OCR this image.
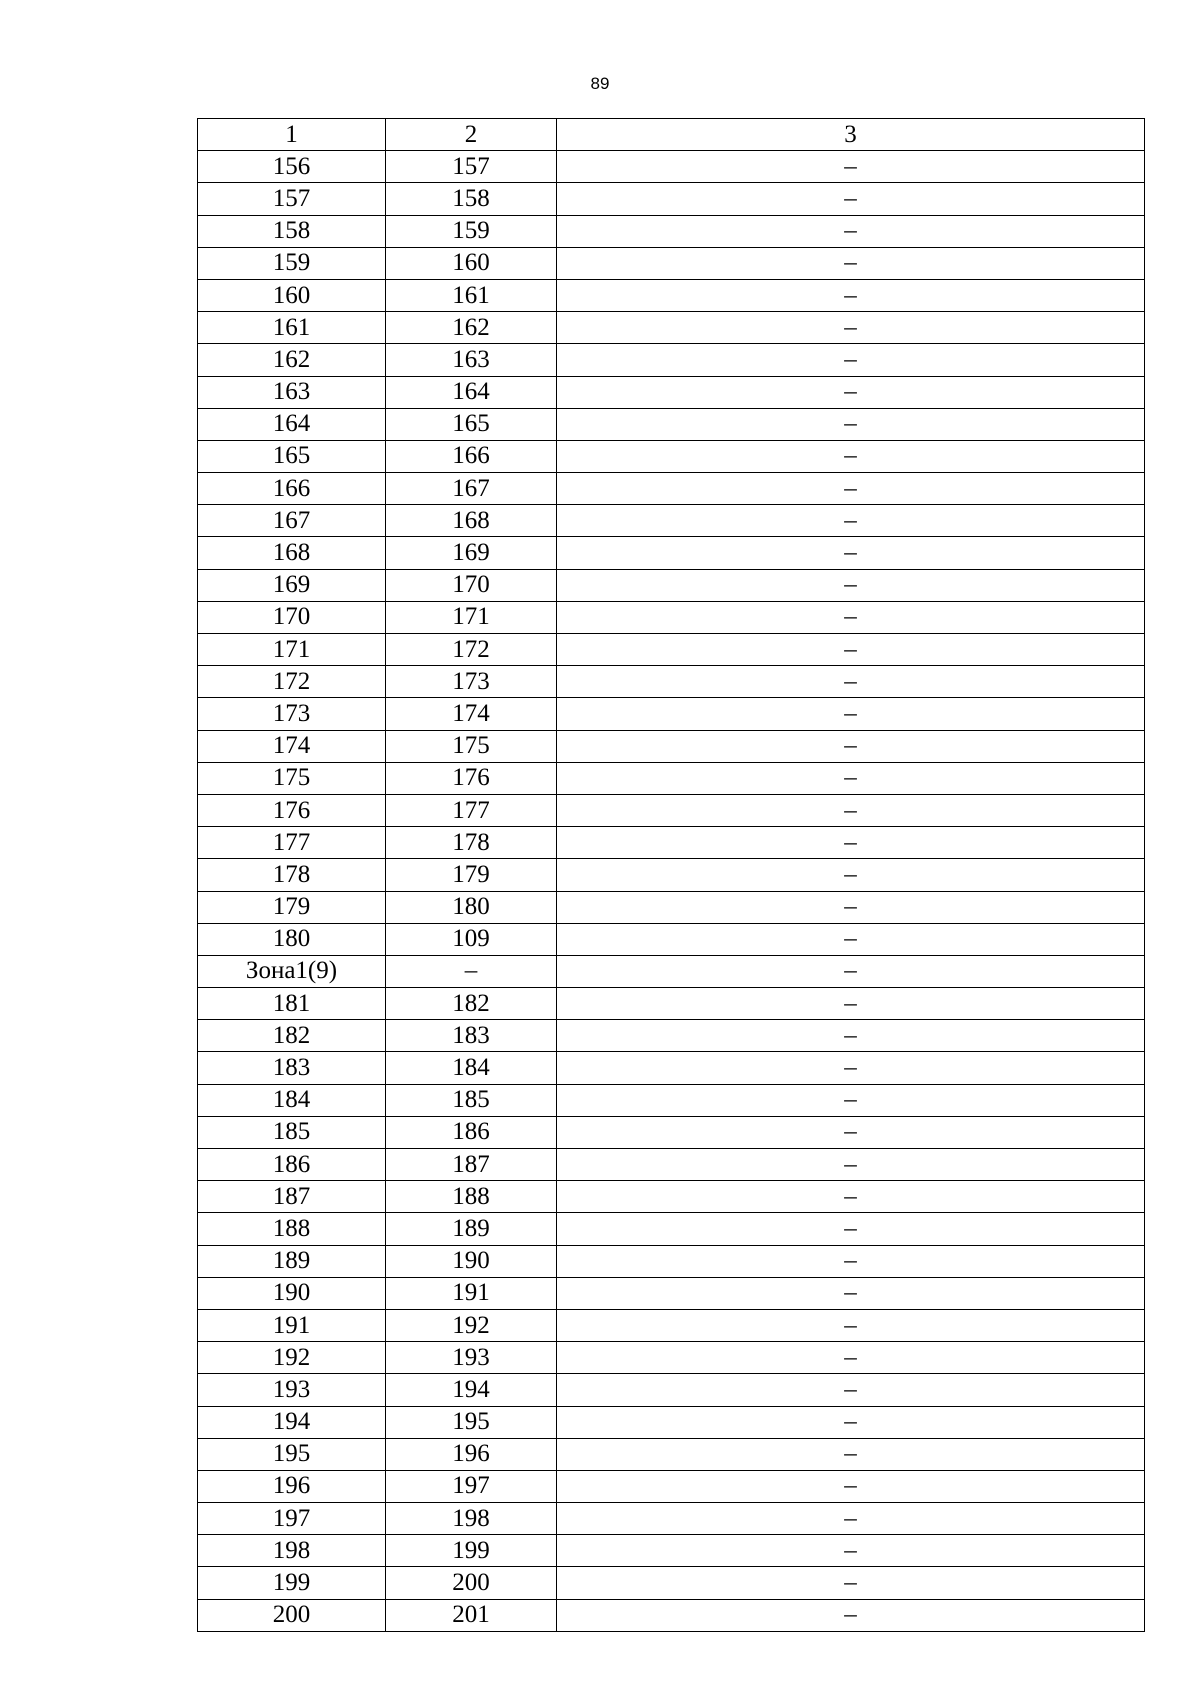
89
1	2	3
156	157	–
157	158	–
158	159	–
159	160	–
160	161	–
161	162	–
162	163	–
163	164	–
164	165	–
165	166	–
166	167	–
167	168	–
168	169	–
169	170	–
170	171	–
171	172	–
172	173	–
173	174	–
174	175	–
175	176	–
176	177	–
177	178	–
178	179	–
179	180	–
180	109	–
Зона1(9)	–	–
181	182	–
182	183	–
183	184	–
184	185	–
185	186	–
186	187	–
187	188	–
188	189	–
189	190	–
190	191	–
191	192	–
192	193	–
193	194	–
194	195	–
195	196	–
196	197	–
197	198	–
198	199	–
199	200	–
200	201	–
